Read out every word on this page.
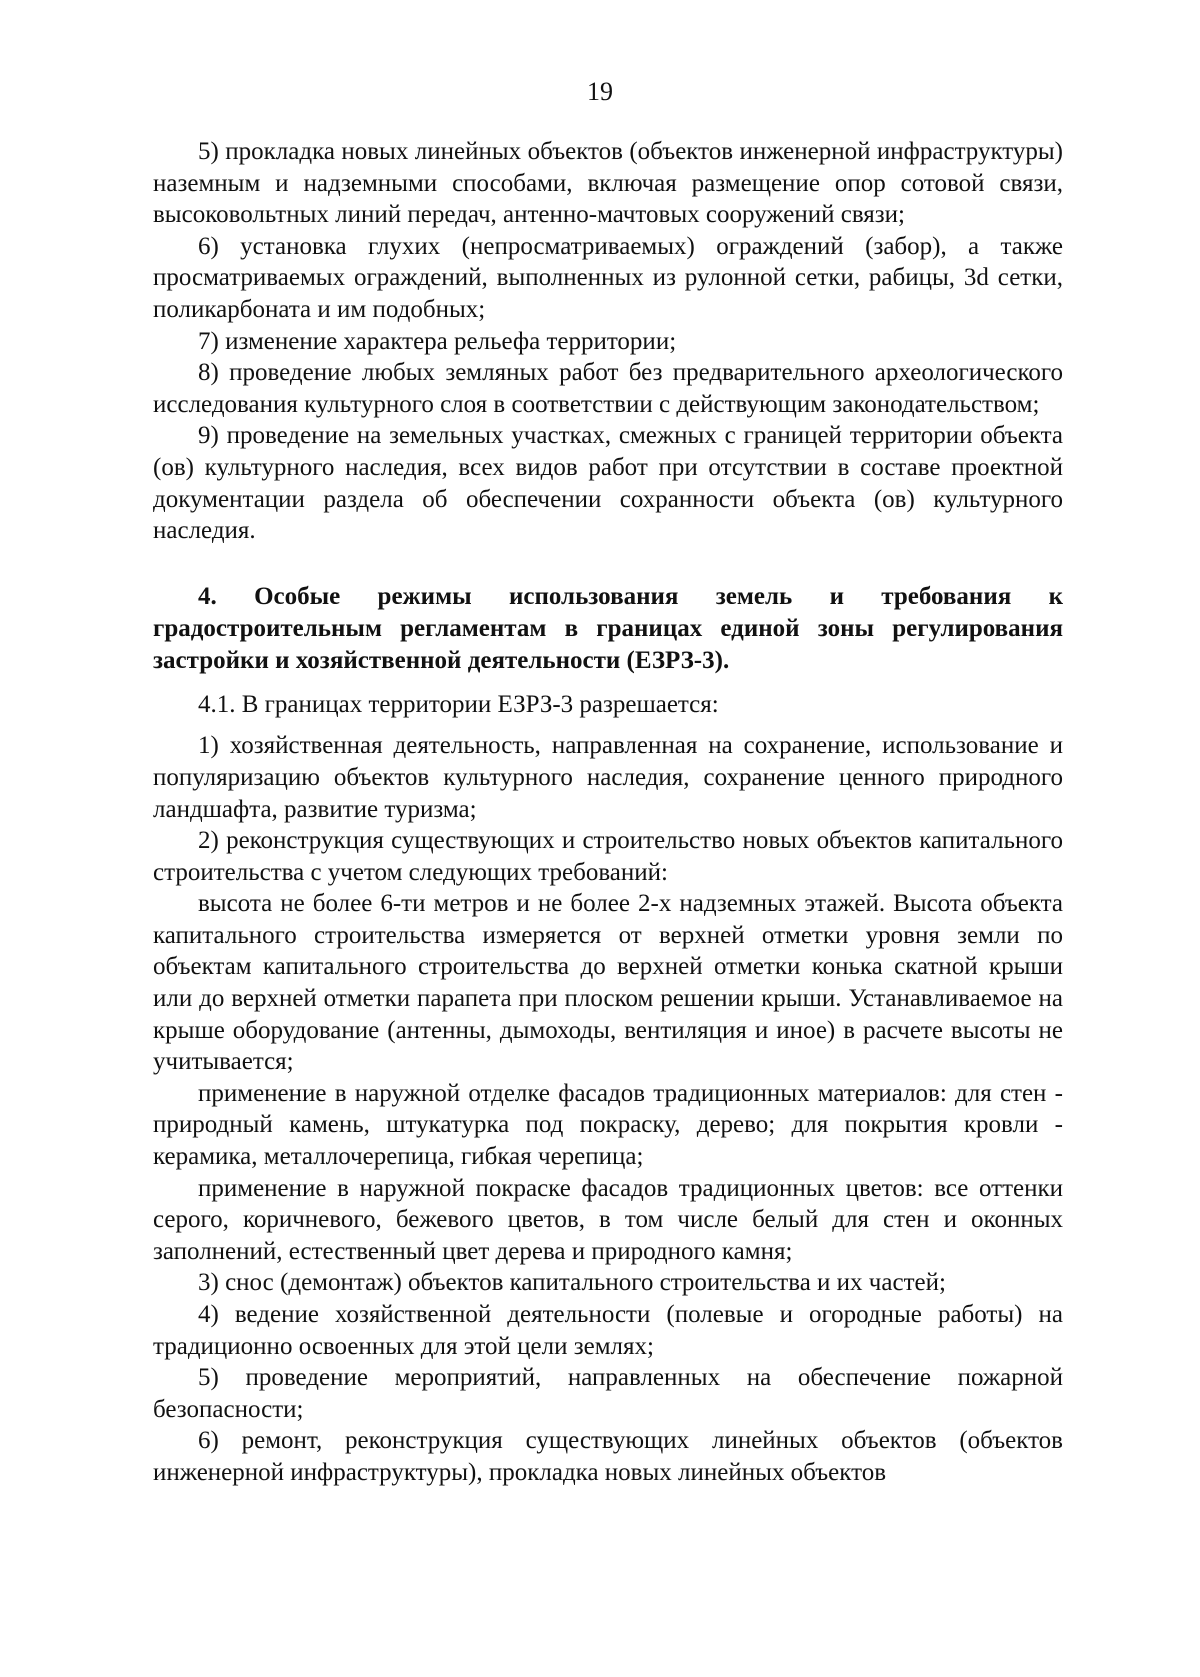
19

5) прокладка новых линейных объектов (объектов инженерной инфраструктуры) наземным и надземными способами, включая размещение опор сотовой связи, высоковольтных линий передач, антенно-мачтовых сооружений связи;

6) установка глухих (непросматриваемых) ограждений (забор), а также просматриваемых ограждений, выполненных из рулонной сетки, рабицы, 3d сетки, поликарбоната и им подобных;

7) изменение характера рельефа территории;

8) проведение любых земляных работ без предварительного археологического исследования культурного слоя в соответствии с действующим законодательством;

9) проведение на земельных участках, смежных с границей территории объекта (ов) культурного наследия, всех видов работ при отсутствии в составе проектной документации раздела об обеспечении сохранности объекта (ов) культурного наследия.

4. Особые режимы использования земель и требования к градостроительным регламентам в границах единой зоны регулирования застройки и хозяйственной деятельности (ЕЗРЗ-3).

4.1. В границах территории ЕЗРЗ-3 разрешается:

1) хозяйственная деятельность, направленная на сохранение, использование и популяризацию объектов культурного наследия, сохранение ценного природного ландшафта, развитие туризма;

2) реконструкция существующих и строительство новых объектов капитального строительства с учетом следующих требований:

высота не более 6-ти метров и не более 2-х надземных этажей. Высота объекта капитального строительства измеряется от верхней отметки уровня земли по объектам капитального строительства до верхней отметки конька скатной крыши или до верхней отметки парапета при плоском решении крыши. Устанавливаемое на крыше оборудование (антенны, дымоходы, вентиляция и иное) в расчете высоты не учитывается;

применение в наружной отделке фасадов традиционных материалов: для стен - природный камень, штукатурка под покраску, дерево; для покрытия кровли - керамика, металлочерепица, гибкая черепица;

применение в наружной покраске фасадов традиционных цветов: все оттенки серого, коричневого, бежевого цветов, в том числе белый для стен и оконных заполнений, естественный цвет дерева и природного камня;

3) снос (демонтаж) объектов капитального строительства и их частей;

4) ведение хозяйственной деятельности (полевые и огородные работы) на традиционно освоенных для этой цели землях;

5) проведение мероприятий, направленных на обеспечение пожарной безопасности;

6) ремонт, реконструкция существующих линейных объектов (объектов инженерной инфраструктуры), прокладка новых линейных объектов
